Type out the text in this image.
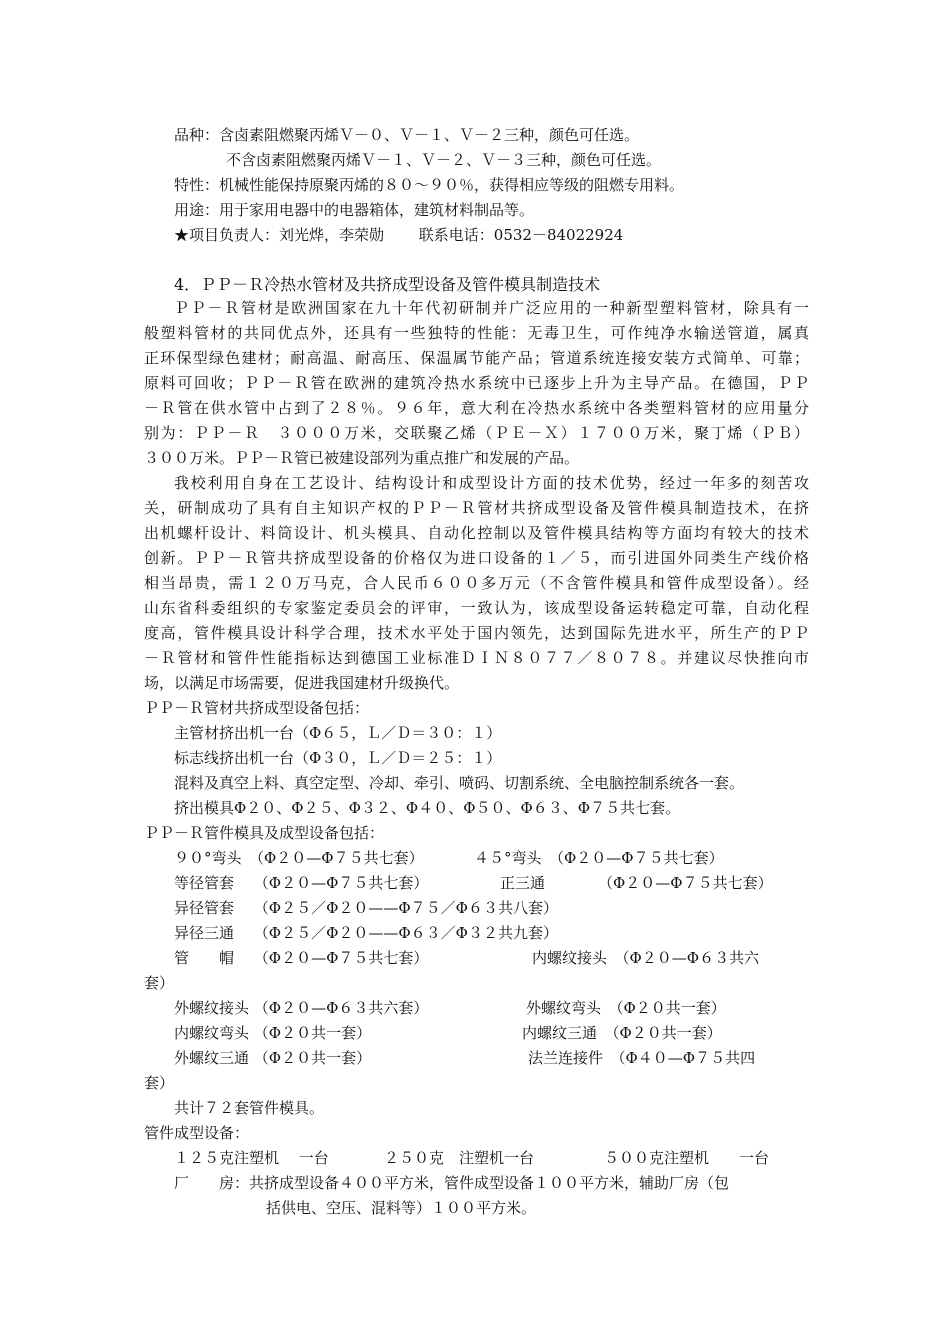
品种：含卤素阻燃聚丙烯Ｖ－０、Ｖ－１、Ｖ－２三种，颜色可任选。
不含卤素阻燃聚丙烯Ｖ－１、Ｖ－２、Ｖ－３三种，颜色可任选。
特性：机械性能保持原聚丙烯的８０～９０％，获得相应等级的阻燃专用料。
用途：用于家用电器中的电器箱体，建筑材料制品等。
★项目负责人：刘光烨，李荣勋　　 联系电话：0532－84022924
4．ＰＰ－Ｒ冷热水管材及共挤成型设备及管件模具制造技术
ＰＰ－Ｒ管材是欧洲国家在九十年代初研制并广泛应用的一种新型塑料管材，除具有一
般塑料管材的共同优点外，还具有一些独特的性能：无毒卫生，可作纯净水输送管道，属真
正环保型绿色建材；耐高温、耐高压、保温属节能产品；管道系统连接安装方式简单、可靠；
原料可回收；ＰＰ－Ｒ管在欧洲的建筑冷热水系统中已逐步上升为主导产品。在德国，ＰＰ
－Ｒ管在供水管中占到了２８％。９６年，意大利在冷热水系统中各类塑料管材的应用量分
别为：ＰＰ－Ｒ　３０００万米，交联聚乙烯（ＰＥ－Ｘ）１７００万米，聚丁烯（ＰＢ）
３００万米。ＰＰ－Ｒ管已被建设部列为重点推广和发展的产品。
我校利用自身在工艺设计、结构设计和成型设计方面的技术优势，经过一年多的刻苦攻
关，研制成功了具有自主知识产权的ＰＰ－Ｒ管材共挤成型设备及管件模具制造技术，在挤
出机螺杆设计、料筒设计、机头模具、自动化控制以及管件模具结构等方面均有较大的技术
创新。ＰＰ－Ｒ管共挤成型设备的价格仅为进口设备的１／５，而引进国外同类生产线价格
相当昂贵，需１２０万马克，合人民币６００多万元（不含管件模具和管件成型设备）。经
山东省科委组织的专家鉴定委员会的评审，一致认为，该成型设备运转稳定可靠，自动化程
度高，管件模具设计科学合理，技术水平处于国内领先，达到国际先进水平，所生产的ＰＰ
－Ｒ管材和管件性能指标达到德国工业标准ＤＩＮ８０７７／８０７８。并建议尽快推向市
场，以满足市场需要，促进我国建材升级换代。
ＰＰ－Ｒ管材共挤成型设备包括：
主管材挤出机一台（Φ６５，Ｌ／Ｄ＝３０：１）
标志线挤出机一台（Φ３０，Ｌ／Ｄ＝２５：１）
混料及真空上料、真空定型、冷却、牵引、喷码、切割系统、全电脑控制系统各一套。
挤出模具Φ２０、Φ２５、Φ３２、Φ４０、Φ５０、Φ６３、Φ７５共七套。
ＰＰ－Ｒ管件模具及成型设备包括：
９０°弯头　（Φ２０—Φ７５共七套）	４５°弯头　（Φ２０—Φ７５共七套）
等径管套　 （Φ２０—Φ７５共七套）	正三通	（Φ２０—Φ７５共七套）
异径管套　 （Φ２５／Φ２０——Φ７５／Φ６３共八套）
异径三通　 （Φ２５／Φ２０——Φ６３／Φ３２共九套）
管　　帽　 （Φ２０—Φ７５共七套）	内螺纹接头　（Φ２０—Φ６３共六
套）
外螺纹接头 （Φ２０—Φ６３共六套）	外螺纹弯头　（Φ２０共一套）
内螺纹弯头 （Φ２０共一套）	内螺纹三通　（Φ２０共一套）
外螺纹三通 （Φ２０共一套）	法兰连接件　（Φ４０—Φ７５共四
套）
共计７２套管件模具。
管件成型设备：
１２５克注塑机　 一台	２５０克　注塑机一台	５００克注塑机　　一台
厂　　房：共挤成型设备４００平方米，管件成型设备１００平方米，辅助厂房（包
括供电、空压、混料等）１００平方米。
